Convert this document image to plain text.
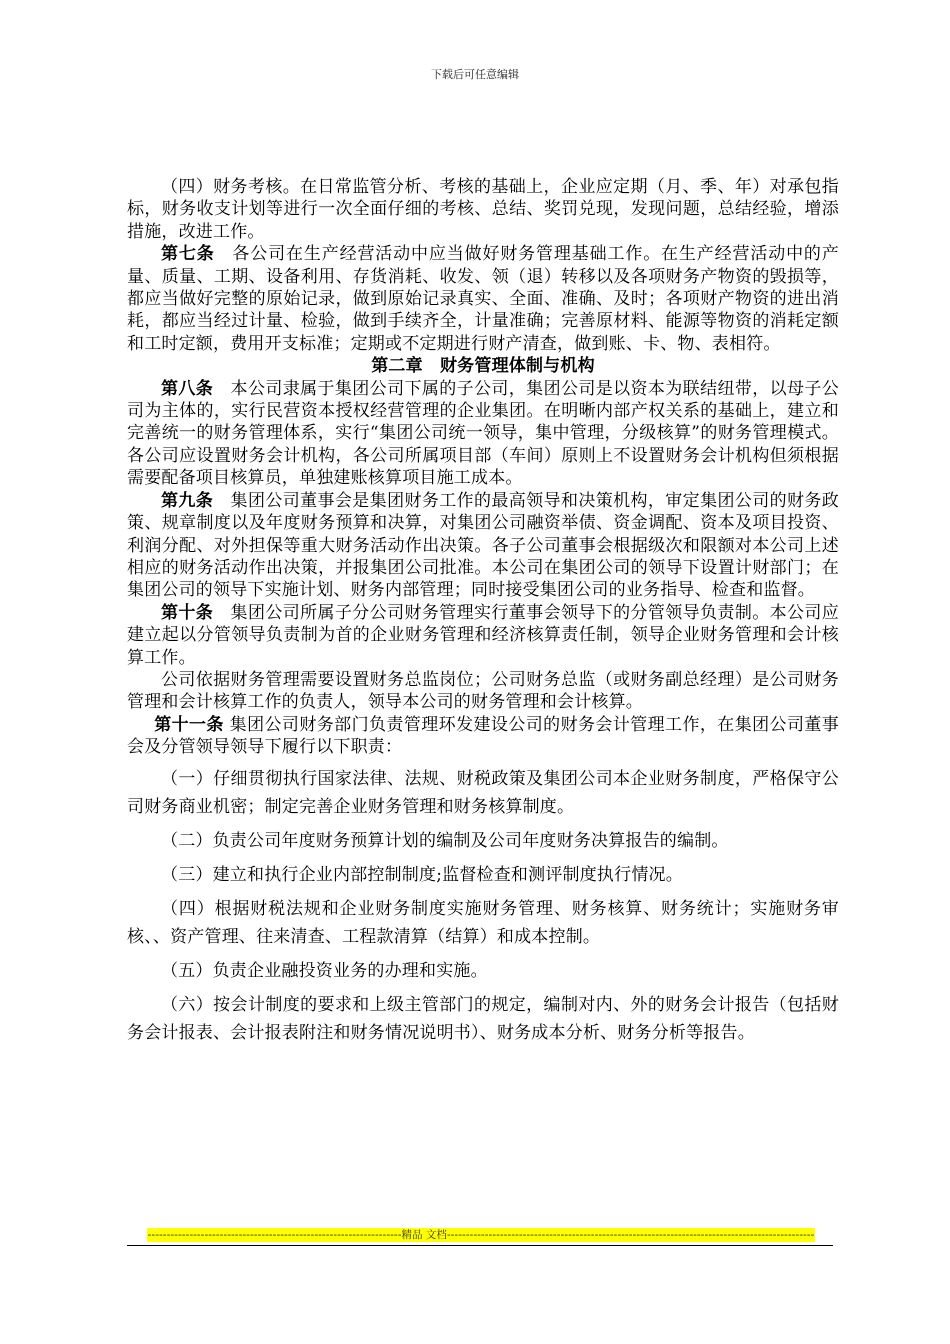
下载后可任意编辑

（四）财务考核。在日常监管分析、考核的基础上，企业应定期（月、季、年）对承包指标，财务收支计划等进行一次全面仔细的考核、总结、奖罚兑现，发现问题，总结经验，增添措施，改进工作。

第七条　各公司在生产经营活动中应当做好财务管理基础工作。在生产经营活动中的产量、质量、工期、设备利用、存货消耗、收发、领（退）转移以及各项财务产物资的毁损等，都应当做好完整的原始记录，做到原始记录真实、全面、准确、及时；各项财产物资的进出消耗，都应当经过计量、检验，做到手续齐全，计量准确；完善原材料、能源等物资的消耗定额和工时定额，费用开支标准；定期或不定期进行财产清查，做到账、卡、物、表相符。

第二章　财务管理体制与机构

第八条　本公司隶属于集团公司下属的子公司，集团公司是以资本为联结纽带，以母子公司为主体的，实行民营资本授权经营管理的企业集团。在明晰内部产权关系的基础上，建立和完善统一的财务管理体系，实行“集团公司统一领导，集中管理，分级核算”的财务管理模式。各公司应设置财务会计机构，各公司所属项目部（车间）原则上不设置财务会计机构但须根据需要配备项目核算员，单独建账核算项目施工成本。

第九条　集团公司董事会是集团财务工作的最高领导和决策机构，审定集团公司的财务政策、规章制度以及年度财务预算和决算，对集团公司融资举债、资金调配、资本及项目投资、利润分配、对外担保等重大财务活动作出决策。各子公司董事会根据级次和限额对本公司上述相应的财务活动作出决策，并报集团公司批准。本公司在集团公司的领导下设置计财部门；在集团公司的领导下实施计划、财务内部管理；同时接受集团公司的业务指导、检查和监督。

第十条　集团公司所属子分公司财务管理实行董事会领导下的分管领导负责制。本公司应建立起以分管领导负责制为首的企业财务管理和经济核算责任制，领导企业财务管理和会计核算工作。

公司依据财务管理需要设置财务总监岗位；公司财务总监（或财务副总经理）是公司财务管理和会计核算工作的负责人，领导本公司的财务管理和会计核算。

第十一条 集团公司财务部门负责管理环发建设公司的财务会计管理工作，在集团公司董事会及分管领导领导下履行以下职责：

（一）仔细贯彻执行国家法律、法规、财税政策及集团公司本企业财务制度，严格保守公司财务商业机密；制定完善企业财务管理和财务核算制度。

（二）负责公司年度财务预算计划的编制及公司年度财务决算报告的编制。

（三）建立和执行企业内部控制制度;监督检查和测评制度执行情况。

（四）根据财税法规和企业财务制度实施财务管理、财务核算、财务统计；实施财务审核、、资产管理、往来清查、工程款清算（结算）和成本控制。

（五）负责企业融投资业务的办理和实施。

（六）按会计制度的要求和上级主管部门的规定，编制对内、外的财务会计报告（包括财务会计报表、会计报表附注和财务情况说明书）、财务成本分析、财务分析等报告。

-------------------------------------------------------------------精品 文档-------------------------------------------------------------------------------------------------
